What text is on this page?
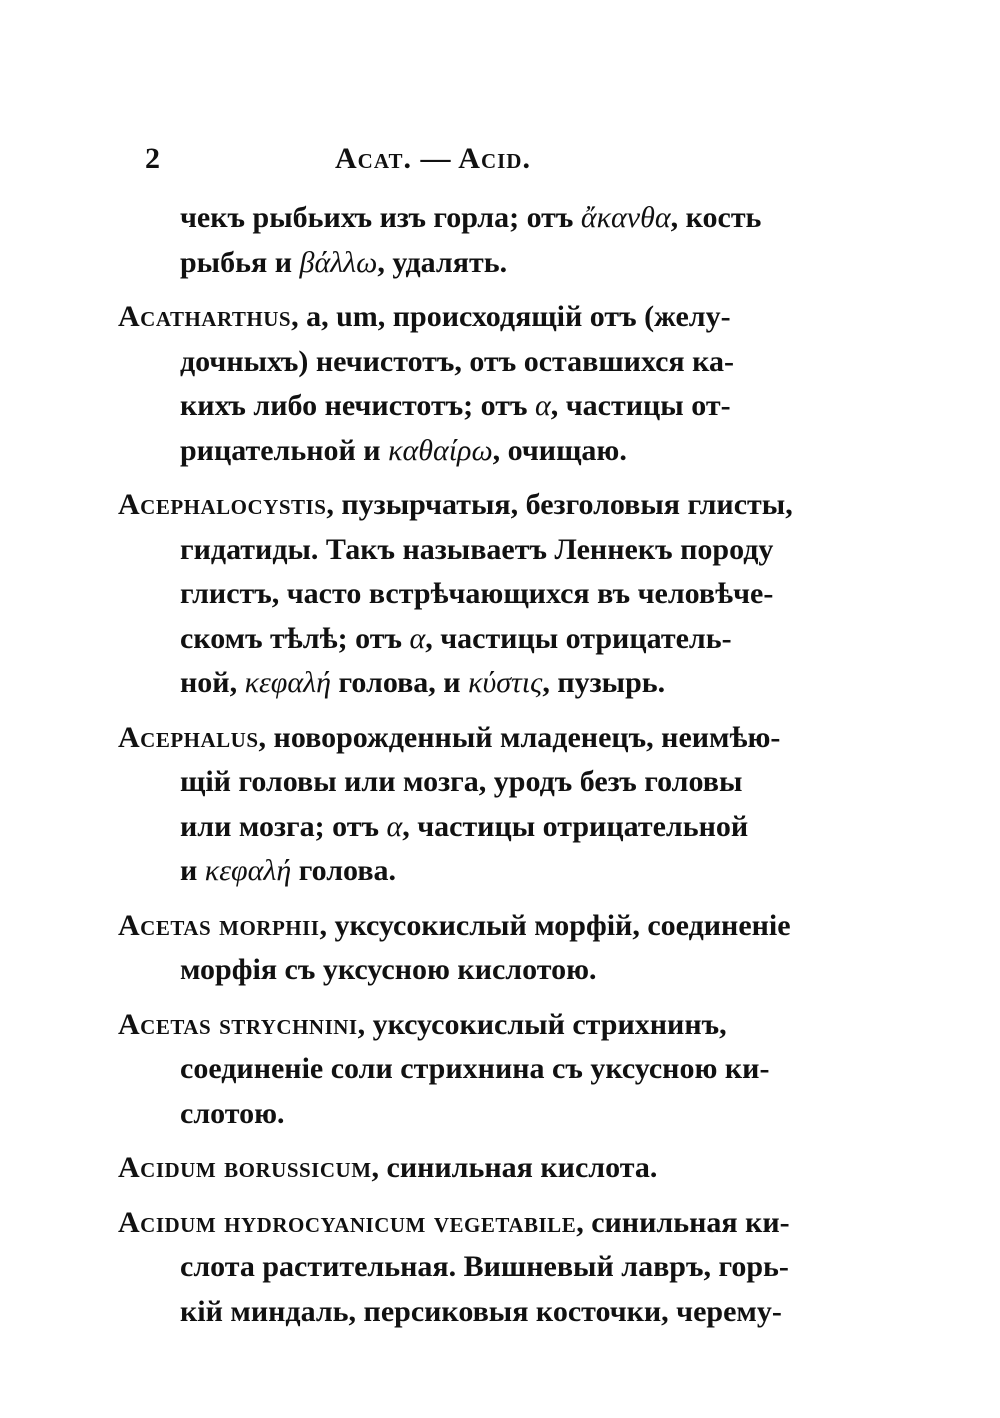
2	Acat. — Acid.
чекъ рыбьихъ изъ горла; отъ ἄκανθα, кость
рыбья и βάλλω, удалять.
Acatharthus, a, um, происходящій отъ (желу-
дочныхъ) нечистотъ, отъ оставшихся ка-
кихъ либо нечистотъ; отъ α, частицы от-
рицательной и καθαίρω, очищаю.
Acephalocystis, пузырчатыя, безголовыя глисты,
гидатиды. Такъ называетъ Леннекъ породу
глистъ, часто встрѣчающихся въ человѣче-
скомъ тѣлѣ; отъ α, частицы отрицатель-
ной, κεφαλή голова, и κύστις, пузырь.
Acephalus, новорожденный младенецъ, неимѣю-
щій головы или мозга, уродъ безъ головы
или мозга; отъ α, частицы отрицательной
и κεφαλή голова.
Acetas morphii, уксусокислый морфій, соединеніе
морфія съ уксусною кислотою.
Acetas strychnini, уксусокислый стрихнинъ,
соединеніе соли стрихнина съ уксусною ки-
слотою.
Acidum borussicum, синильная кислота.
Acidum hydrocyanicum vegetabile, синильная ки-
слота растительная. Вишневый лавръ, горь-
кій миндаль, персиковыя косточки, черему-
